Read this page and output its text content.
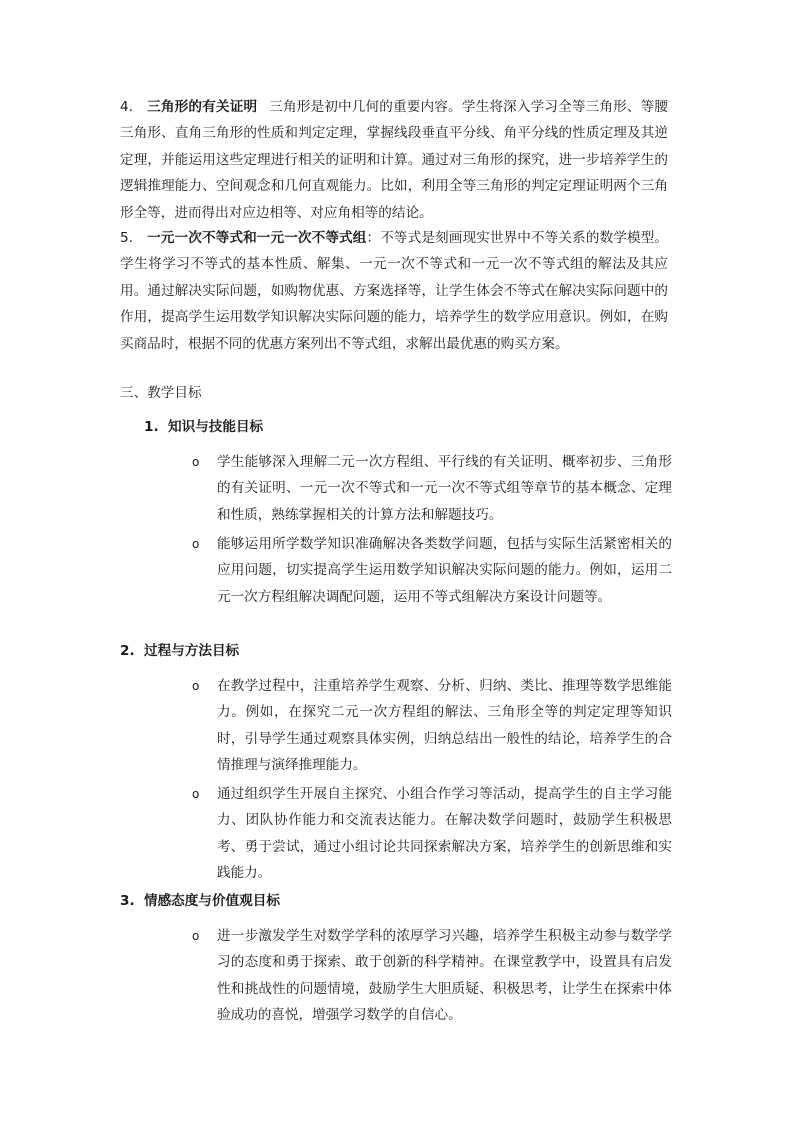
4. 三角形的有关证明 三角形是初中几何的重要内容。学生将深入学习全等三角形、等腰三角形、直角三角形的性质和判定定理，掌握线段垂直平分线、角平分线的性质定理及其逆定理，并能运用这些定理进行相关的证明和计算。通过对三角形的探究，进一步培养学生的逻辑推理能力、空间观念和几何直观能力。比如，利用全等三角形的判定定理证明两个三角形全等，进而得出对应边相等、对应角相等的结论。
5. 一元一次不等式和一元一次不等式组：不等式是刻画现实世界中不等关系的数学模型。学生将学习不等式的基本性质、解集、一元一次不等式和一元一次不等式组的解法及其应用。通过解决实际问题，如购物优惠、方案选择等，让学生体会不等式在解决实际问题中的作用，提高学生运用数学知识解决实际问题的能力，培养学生的数学应用意识。例如，在购买商品时，根据不同的优惠方案列出不等式组，求解出最优惠的购买方案。
三、教学目标
1. 知识与技能目标
o 学生能够深入理解二元一次方程组、平行线的有关证明、概率初步、三角形的有关证明、一元一次不等式和一元一次不等式组等章节的基本概念、定理和性质，熟练掌握相关的计算方法和解题技巧。
o 能够运用所学数学知识准确解决各类数学问题，包括与实际生活紧密相关的应用问题，切实提高学生运用数学知识解决实际问题的能力。例如，运用二元一次方程组解决调配问题，运用不等式组解决方案设计问题等。
2. 过程与方法目标
o 在教学过程中，注重培养学生观察、分析、归纳、类比、推理等数学思维能力。例如，在探究二元一次方程组的解法、三角形全等的判定定理等知识时，引导学生通过观察具体实例，归纳总结出一般性的结论，培养学生的合情推理与演绎推理能力。
o 通过组织学生开展自主探究、小组合作学习等活动，提高学生的自主学习能力、团队协作能力和交流表达能力。在解决数学问题时，鼓励学生积极思考、勇于尝试，通过小组讨论共同探索解决方案，培养学生的创新思维和实践能力。
3. 情感态度与价值观目标
o 进一步激发学生对数学学科的浓厚学习兴趣，培养学生积极主动参与数学学习的态度和勇于探索、敢于创新的科学精神。在课堂教学中，设置具有启发性和挑战性的问题情境，鼓励学生大胆质疑、积极思考，让学生在探索中体验成功的喜悦，增强学习数学的自信心。
